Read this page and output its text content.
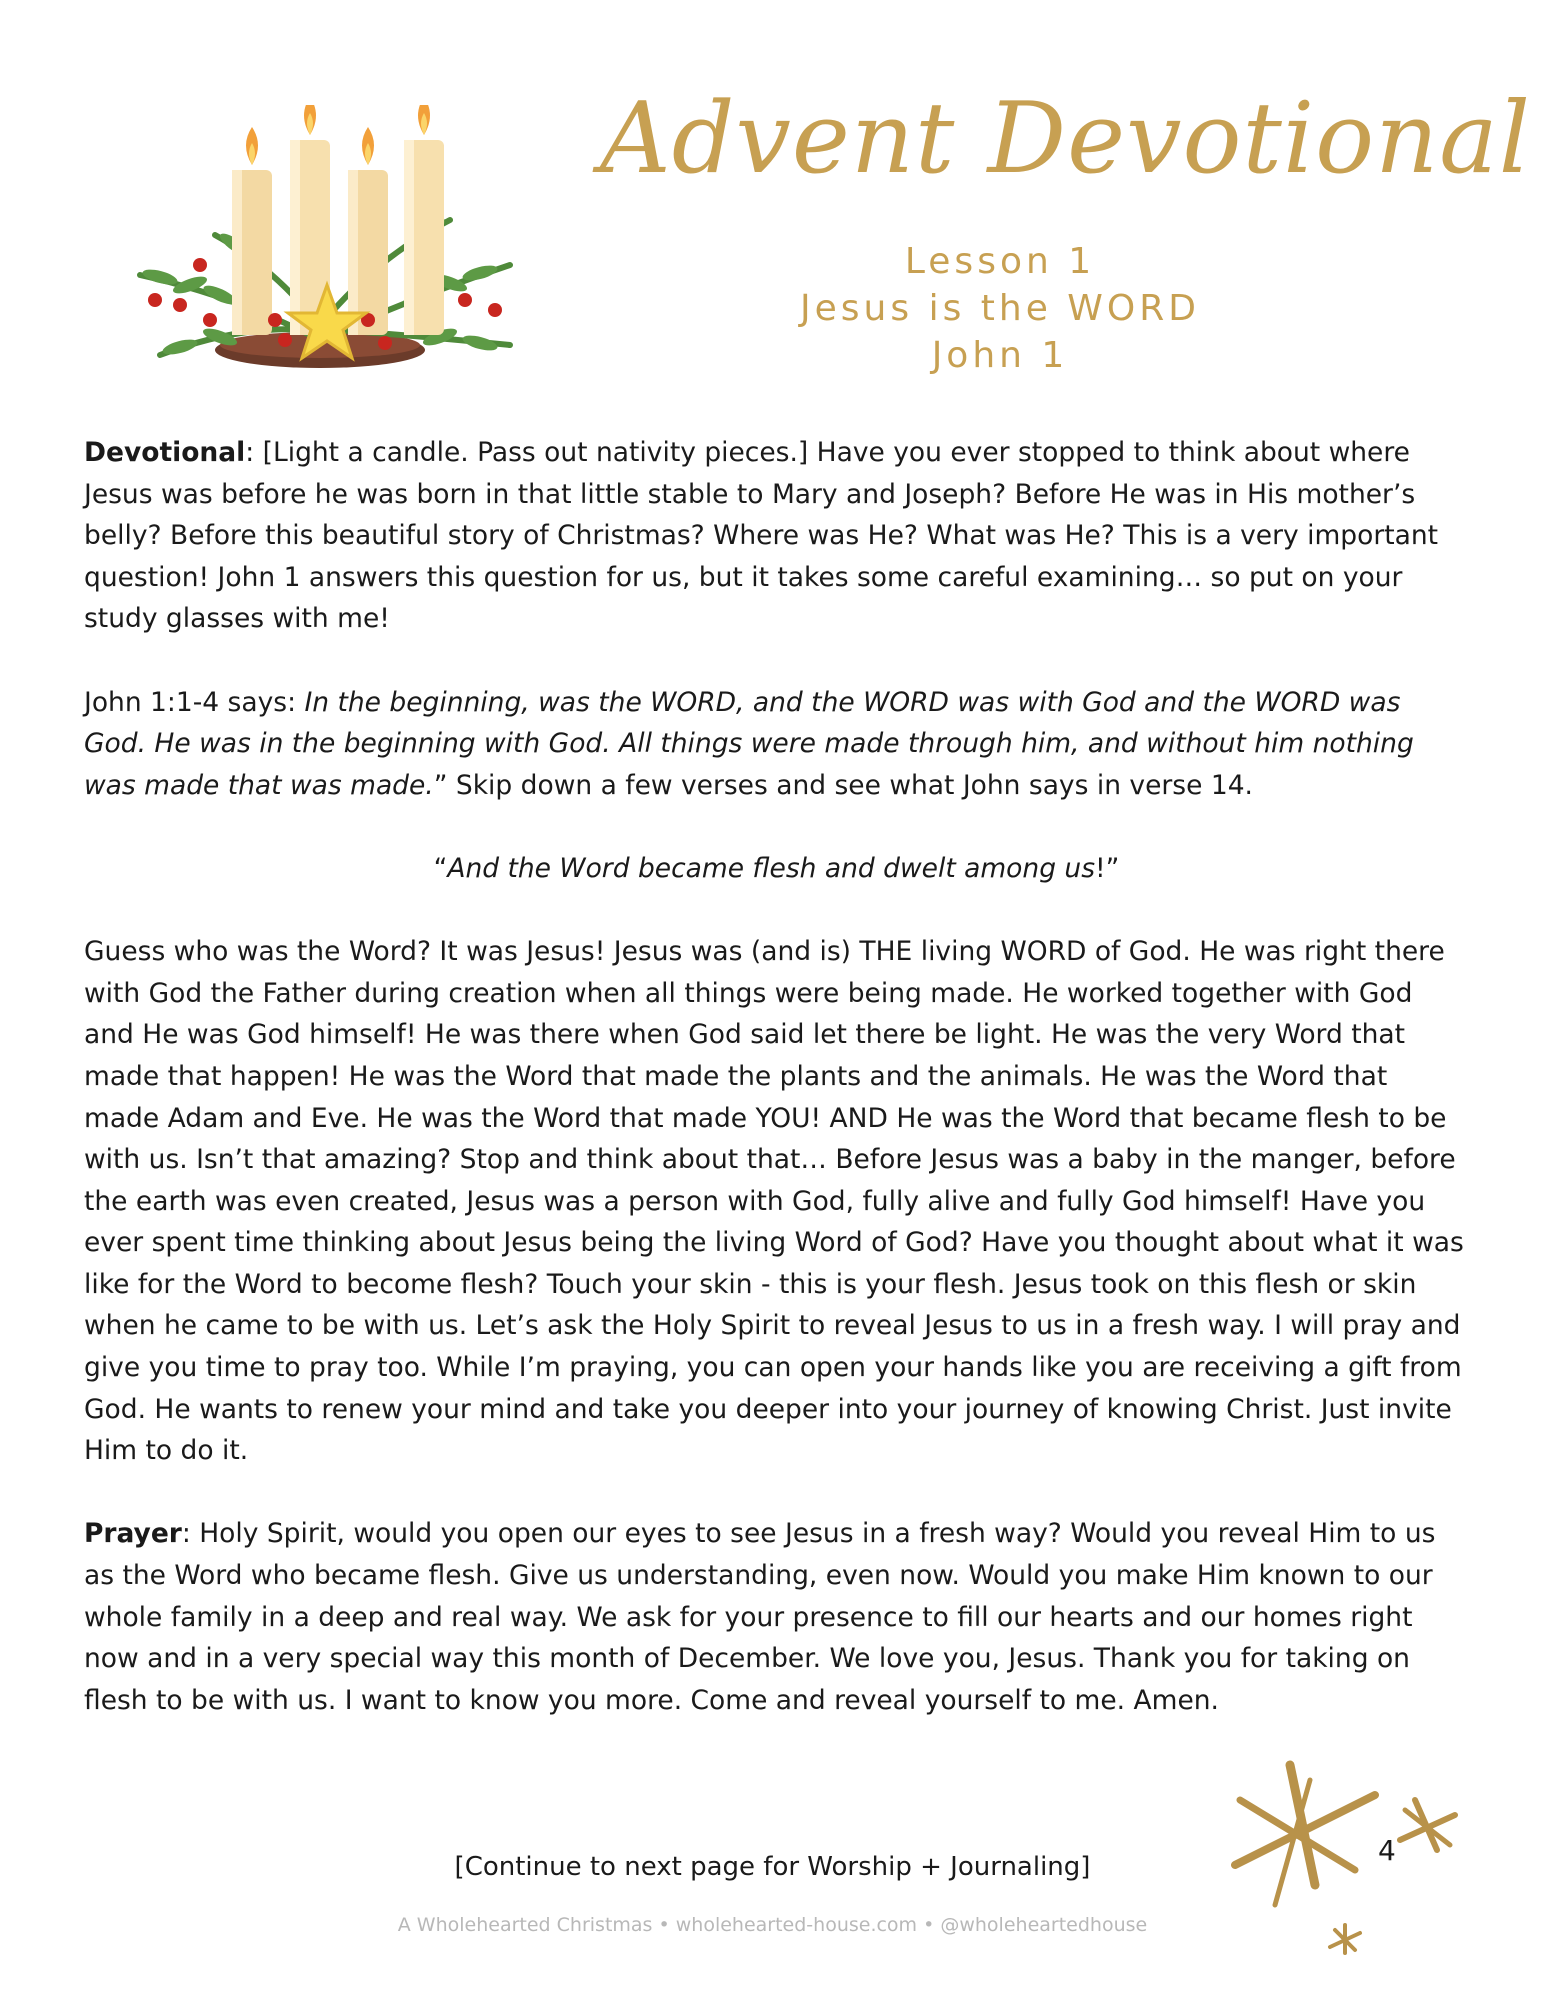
Advent Devotional
Lesson 1
Jesus is the WORD
John 1

Devotional: [Light a candle. Pass out nativity pieces.] Have you ever stopped to think about where Jesus was before he was born in that little stable to Mary and Joseph? Before He was in His mother’s belly? Before this beautiful story of Christmas? Where was He? What was He? This is a very important question! John 1 answers this question for us, but it takes some careful examining… so put on your study glasses with me!

John 1:1-4 says: In the beginning, was the WORD, and the WORD was with God and the WORD was God. He was in the beginning with God. All things were made through him, and without him nothing was made that was made.” Skip down a few verses and see what John says in verse 14.

“And the Word became flesh and dwelt among us!”

Guess who was the Word? It was Jesus! Jesus was (and is) THE living WORD of God. He was right there with God the Father during creation when all things were being made. He worked together with God and He was God himself! He was there when God said let there be light. He was the very Word that made that happen! He was the Word that made the plants and the animals. He was the Word that made Adam and Eve. He was the Word that made YOU! AND He was the Word that became flesh to be with us. Isn’t that amazing? Stop and think about that… Before Jesus was a baby in the manger, before the earth was even created, Jesus was a person with God, fully alive and fully God himself! Have you ever spent time thinking about Jesus being the living Word of God? Have you thought about what it was like for the Word to become flesh? Touch your skin - this is your flesh. Jesus took on this flesh or skin when he came to be with us. Let’s ask the Holy Spirit to reveal Jesus to us in a fresh way. I will pray and give you time to pray too. While I’m praying, you can open your hands like you are receiving a gift from God. He wants to renew your mind and take you deeper into your journey of knowing Christ. Just invite Him to do it.

Prayer: Holy Spirit, would you open our eyes to see Jesus in a fresh way? Would you reveal Him to us as the Word who became flesh. Give us understanding, even now. Would you make Him known to our whole family in a deep and real way. We ask for your presence to fill our hearts and our homes right now and in a very special way this month of December. We love you, Jesus. Thank you for taking on flesh to be with us. I want to know you more. Come and reveal yourself to me. Amen.

4
[Continue to next page for Worship + Journaling]
A Wholehearted Christmas • wholehearted-house.com • @wholeheartedhouse
